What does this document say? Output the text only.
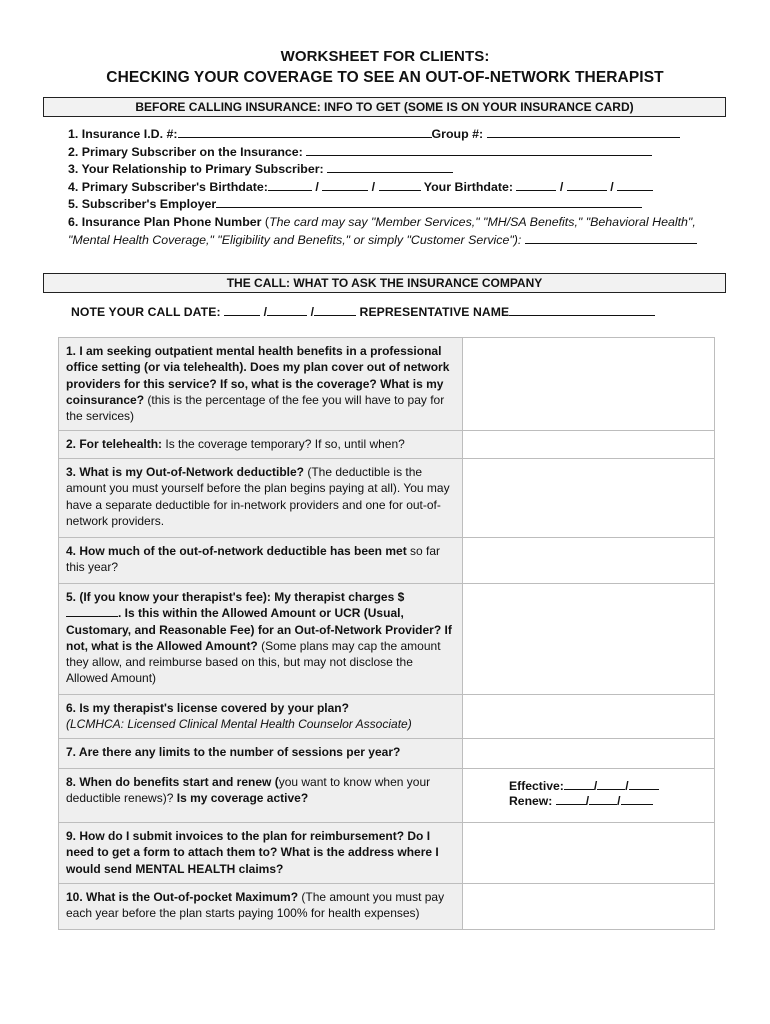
WORKSHEET FOR CLIENTS:
CHECKING YOUR COVERAGE TO SEE AN OUT-OF-NETWORK THERAPIST
BEFORE CALLING INSURANCE: INFO TO GET (SOME IS ON YOUR INSURANCE CARD)
1. Insurance I.D. #:	Group #:
2. Primary Subscriber on the Insurance:
3. Your Relationship to Primary Subscriber:
4. Primary Subscriber's Birthdate:	/	/	Your Birthdate:	/	/
5. Subscriber's Employer
6. Insurance Plan Phone Number (The card may say "Member Services," "MH/SA Benefits," "Behavioral Health",
"Mental Health Coverage," "Eligibility and Benefits," or simply "Customer Service"):
THE CALL: WHAT TO ASK THE INSURANCE COMPANY
NOTE YOUR CALL DATE:	/	/	REPRESENTATIVE NAME
1. I am seeking outpatient mental health benefits in a professional office setting (or via telehealth). Does my plan cover out of network providers for this service? If so, what is the coverage? What is my coinsurance? (this is the percentage of the fee you will have to pay for the services)	
2. For telehealth: Is the coverage temporary? If so, until when?	
3. What is my Out-of-Network deductible? (The deductible is the amount you must yourself before the plan begins paying at all). You may have a separate deductible for in-network providers and one for out-of-network providers.	
4. How much of the out-of-network deductible has been met so far this year?	
5. (If you know your therapist's fee): My therapist charges $. Is this within the Allowed Amount or UCR (Usual, Customary, and Reasonable Fee) for an Out-of-Network Provider? If not, what is the Allowed Amount? (Some plans may cap the amount they allow, and reimburse based on this, but may not disclose the Allowed Amount)	
6. Is my therapist's license covered by your plan?
(LCMHCA: Licensed Clinical Mental Health Counselor Associate)	
7. Are there any limits to the number of sessions per year?	
8. When do benefits start and renew (you want to know when your deductible renews)? Is my coverage active?	Effective: / /
Renew: / /

9. How do I submit invoices to the plan for reimbursement? Do I need to get a form to attach them to? What is the address where I would send MENTAL HEALTH claims?	
10. What is the Out-of-pocket Maximum? (The amount you must pay each year before the plan starts paying 100% for health expenses)	
